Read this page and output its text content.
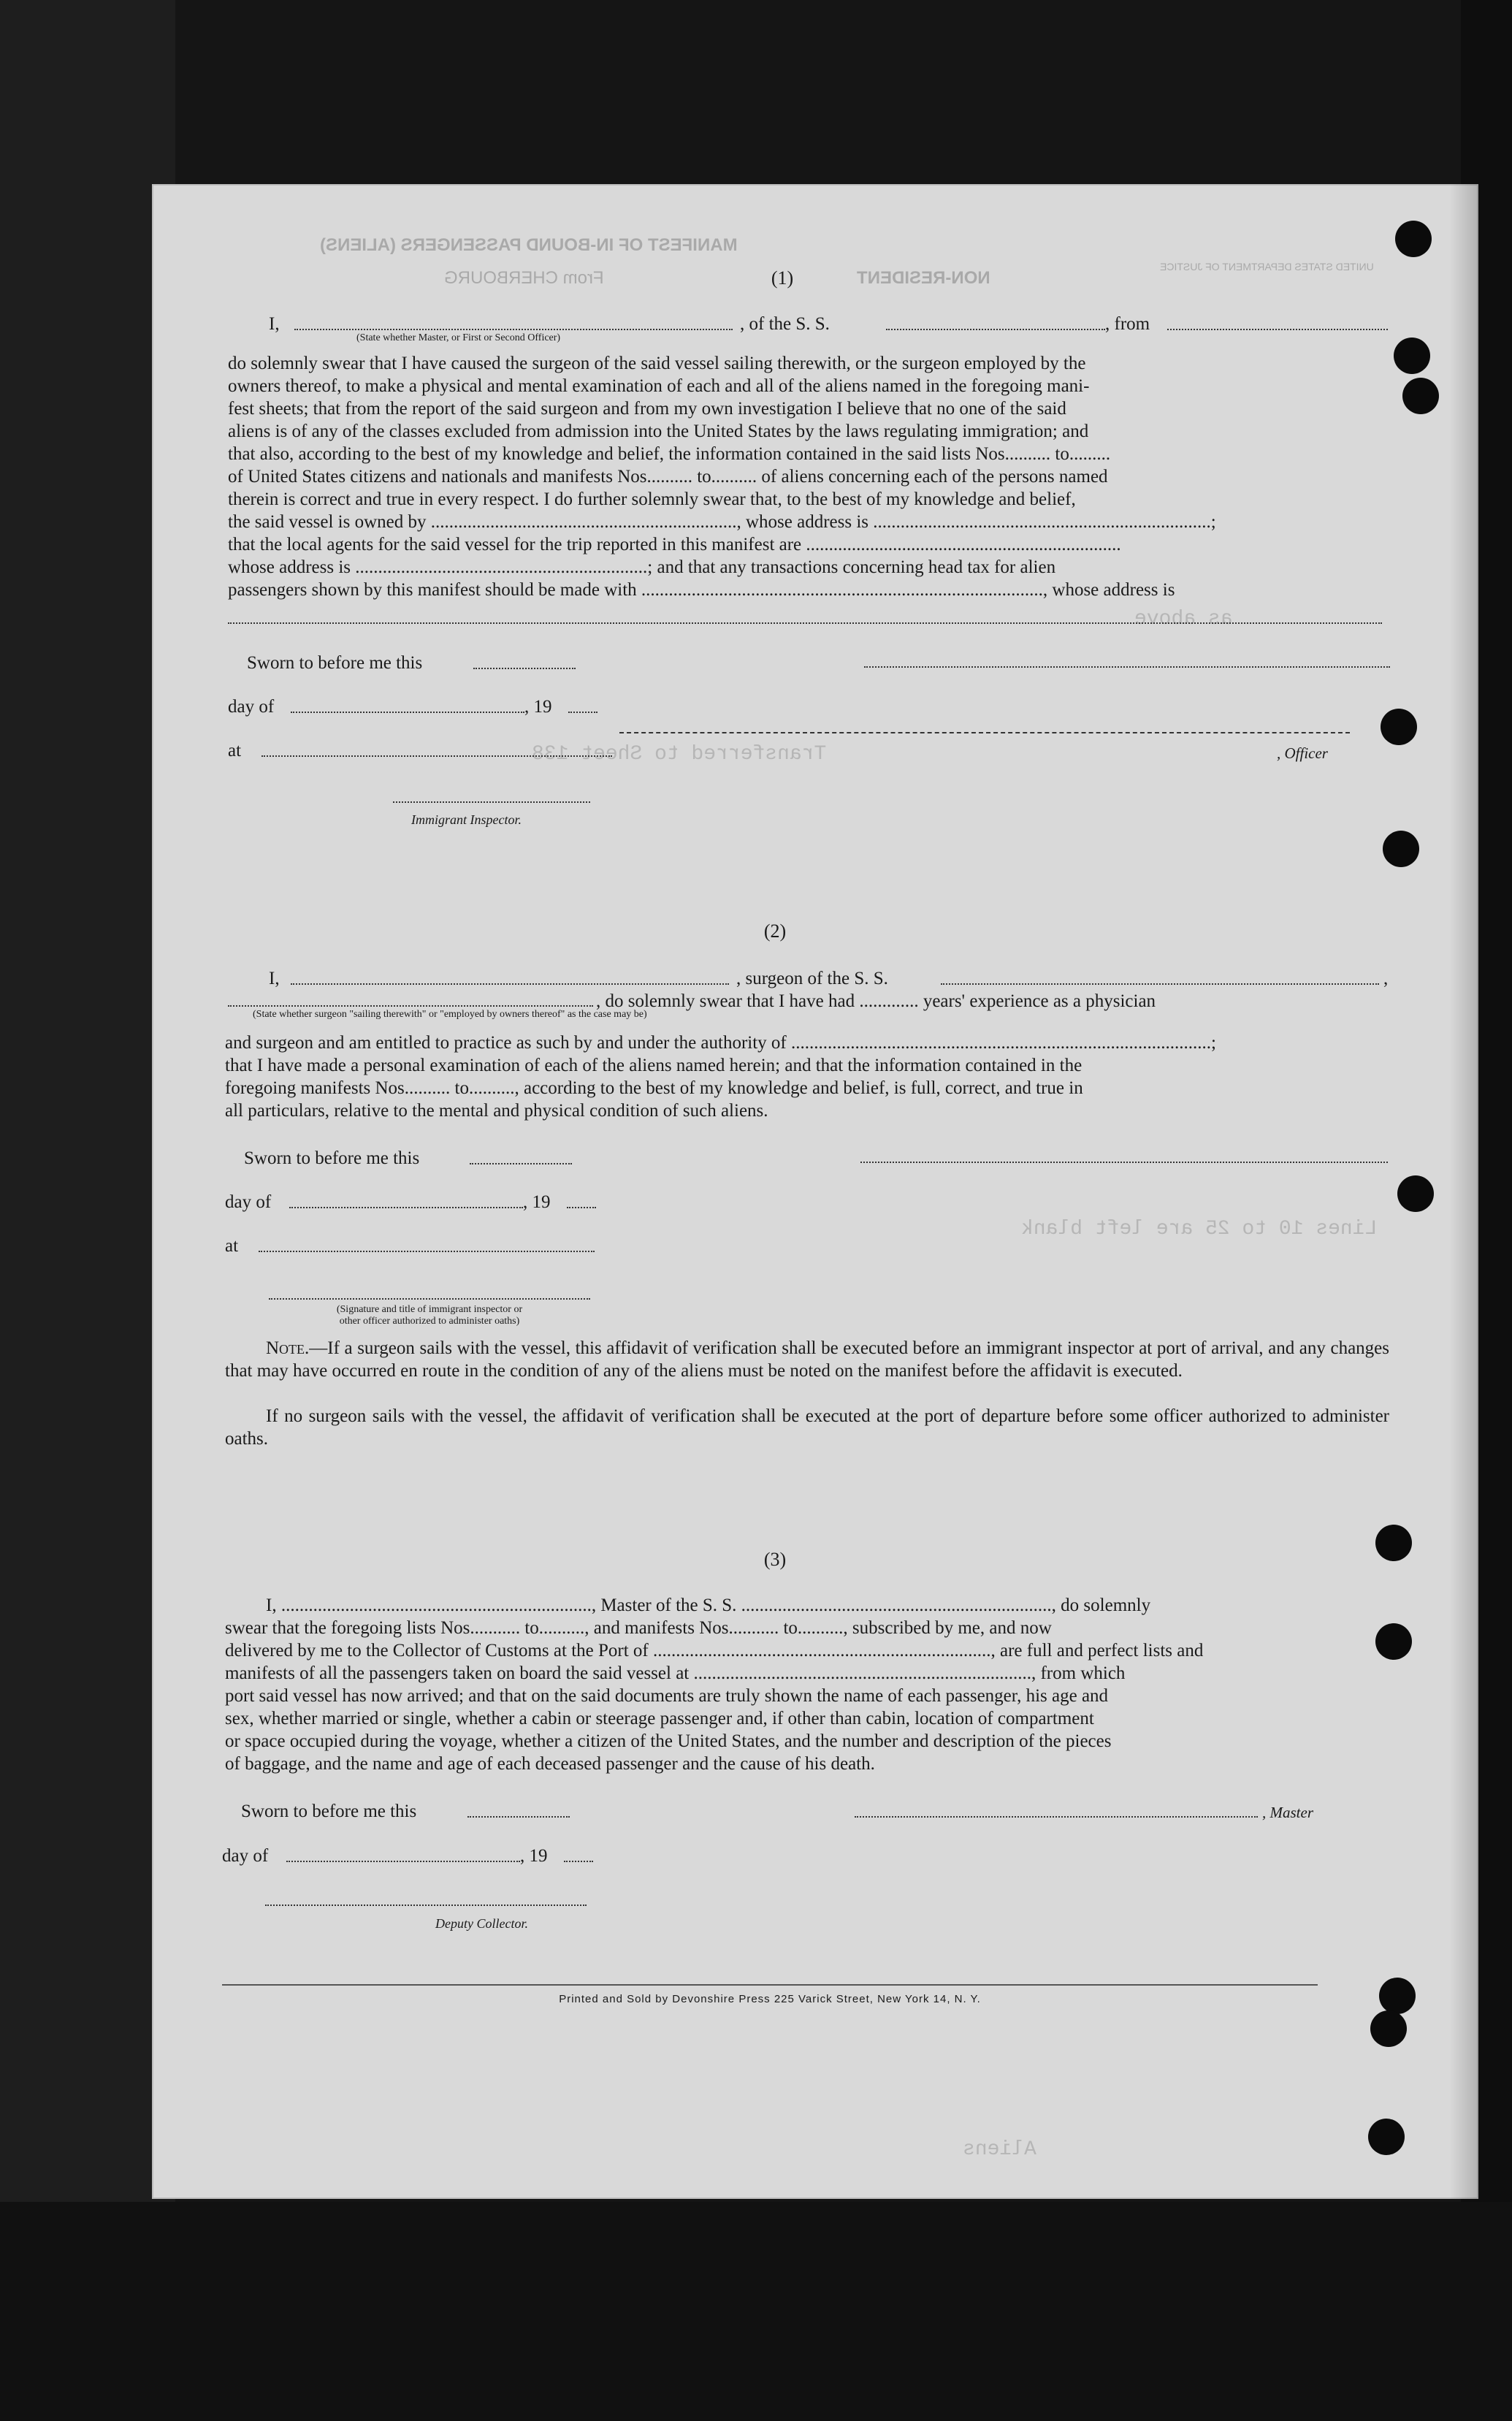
MANIFEST OF IN-BOUND PASSENGERS (ALIENS)
From CHERBOURG	NON-RESIDENT
UNITED STATES DEPARTMENT OF JUSTICE
as above
Lines 10 to 25 are left blank
Transferred to Sheet 138
Aliens
(1)
I,	, of the S. S.	, from
(State whether Master, or First or Second Officer)

do solemnly swear that I have caused the surgeon of the said vessel sailing therewith, or the surgeon employed by the

owners thereof, to make a physical and mental examination of each and all of the aliens named in the foregoing mani-

fest sheets; that from the report of the said surgeon and from my own investigation I believe that no one of the said

aliens is of any of the classes excluded from admission into the United States by the laws regulating immigration; and

that also, according to the best of my knowledge and belief, the information contained in the said lists Nos.......... to.........

of United States citizens and nationals and manifests Nos.......... to.......... of aliens concerning each of the persons named

therein is correct and true in every respect. I do further solemnly swear that, to the best of my knowledge and belief,

the said vessel is owned by ..................................................................., whose address is ..........................................................................;

that the local agents for the said vessel for the trip reported in this manifest are .....................................................................

whose address is ................................................................; and that any transactions concerning head tax for alien

passengers shown by this manifest should be made with ........................................................................................, whose address is

Sworn to before me this
day of	, 19
at	, Officer
Immigrant Inspector.
(2)
I,	, surgeon of the S. S.	,
, do solemnly swear that I have had ............. years' experience as a physician
(State whether surgeon "sailing therewith" or "employed by owners thereof" as the case may be)

and surgeon and am entitled to practice as such by and under the authority of ............................................................................................;

that I have made a personal examination of each of the aliens named herein; and that the information contained in the

foregoing manifests Nos.......... to.........., according to the best of my knowledge and belief, is full, correct, and true in

all particulars, relative to the mental and physical condition of such aliens.

Sworn to before me this
day of	, 19
at
(Signature and title of immigrant inspector or
other officer authorized to administer oaths)
Note.—If a surgeon sails with the vessel, this affidavit of verification shall be executed before an immigrant inspector at port of arrival, and any changes that may have occurred en route in the condition of any of the aliens must be noted on the manifest before the affidavit is executed.
If no surgeon sails with the vessel, the affidavit of verification shall be executed at the port of departure before some officer authorized to administer oaths.
(3)

I, ...................................................................., Master of the S. S. ...................................................................., do solemnly

swear that the foregoing lists Nos........... to.........., and manifests Nos........... to.........., subscribed by me, and now

delivered by me to the Collector of Customs at the Port of .........................................................................., are full and perfect lists and

manifests of all the passengers taken on board the said vessel at .........................................................................., from which

port said vessel has now arrived; and that on the said documents are truly shown the name of each passenger, his age and

sex, whether married or single, whether a cabin or steerage passenger and, if other than cabin, location of compartment

or space occupied during the voyage, whether a citizen of the United States, and the number and description of the pieces

of baggage, and the name and age of each deceased passenger and the cause of his death.

Sworn to before me this	, Master
day of	, 19
Deputy Collector.
Printed and Sold by Devonshire Press 225 Varick Street, New York 14, N. Y.
